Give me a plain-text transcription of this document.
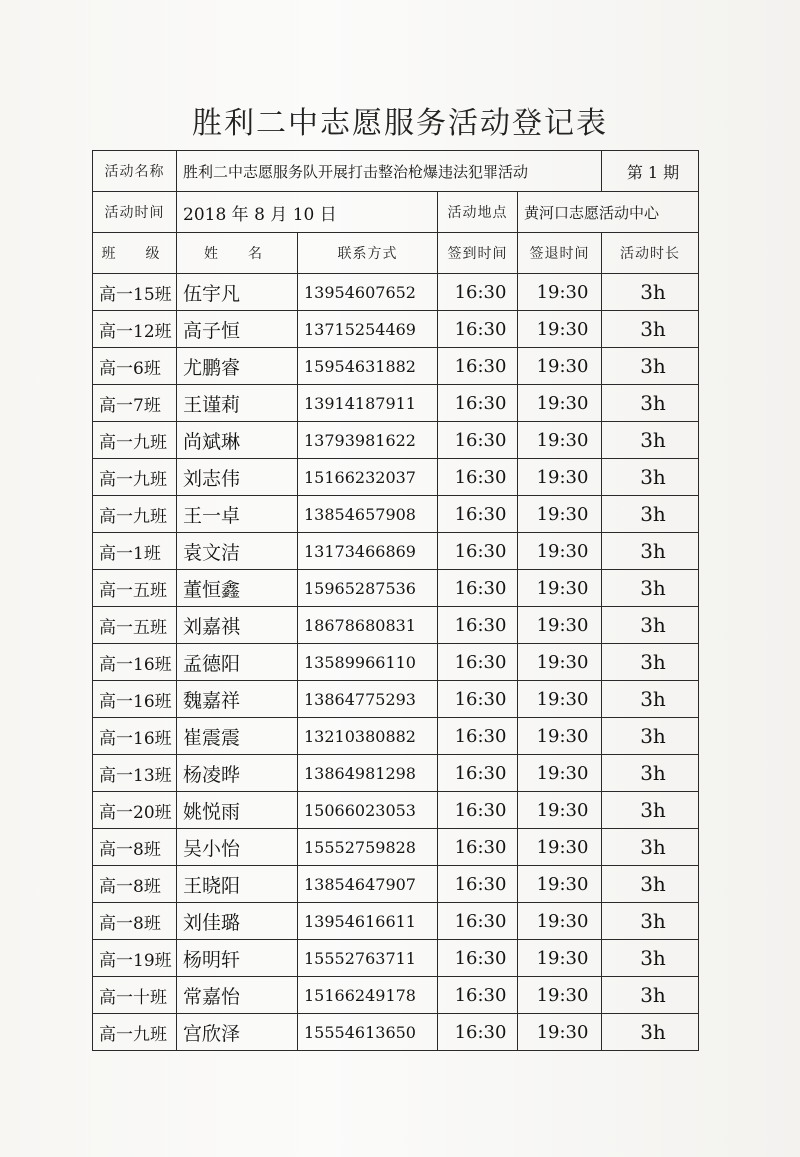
胜利二中志愿服务活动登记表
活动名称	胜利二中志愿服务队开展打击整治枪爆违法犯罪活动				第 1 期
活动时间	2018 年 8 月 10 日		活动地点	黄河口志愿活动中心	
班　级	姓　名	联系方式	签到时间	签退时间	活动时长
高一15班	伍宇凡	13954607652	16:30	19:30	3h
高一12班	高子恒	13715254469	16:30	19:30	3h
高一6班	尤鹏睿	15954631882	16:30	19:30	3h
高一7班	王谨莉	13914187911	16:30	19:30	3h
高一九班	尚斌琳	13793981622	16:30	19:30	3h
高一九班	刘志伟	15166232037	16:30	19:30	3h
高一九班	王一卓	13854657908	16:30	19:30	3h
高一1班	袁文洁	13173466869	16:30	19:30	3h
高一五班	董恒鑫	15965287536	16:30	19:30	3h
高一五班	刘嘉祺	18678680831	16:30	19:30	3h
高一16班	孟德阳	13589966110	16:30	19:30	3h
高一16班	魏嘉祥	13864775293	16:30	19:30	3h
高一16班	崔震震	13210380882	16:30	19:30	3h
高一13班	杨凌晔	13864981298	16:30	19:30	3h
高一20班	姚悦雨	15066023053	16:30	19:30	3h
高一8班	吴小怡	15552759828	16:30	19:30	3h
高一8班	王晓阳	13854647907	16:30	19:30	3h
高一8班	刘佳璐	13954616611	16:30	19:30	3h
高一19班	杨明轩	15552763711	16:30	19:30	3h
高一十班	常嘉怡	15166249178	16:30	19:30	3h
高一九班	宫欣泽	15554613650	16:30	19:30	3h
